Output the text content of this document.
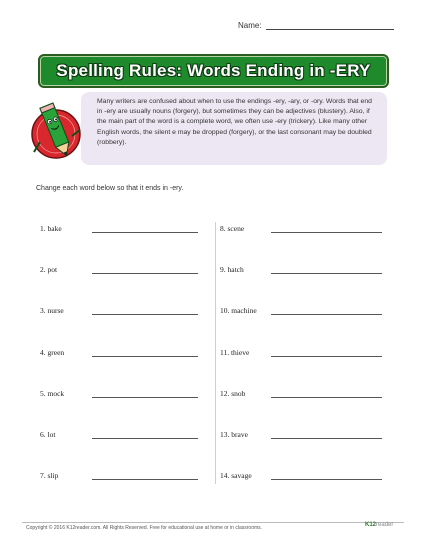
Name:
Spelling Rules: Words Ending in -ERY
Many writers are confused about when to use the endings -ery, -ary, or -ory. Words that end in -ery are usually nouns (forgery), but sometimes they can be adjectives (blustery). Also, if the main part of the word is a complete word, we often use -ery (trickery). Like many other English words, the silent e may be dropped (forgery), or the last consonant may be doubled (robbery).
Change each word below so that it ends in -ery.
1. bake
2. pot
3. nurse
4. green
5. mock
6. lot
7. slip
8. scene
9. hatch
10. machine
11. thieve
12. snob
13. brave
14. savage
Copyright © 2016 K12reader.com. All Rights Reserved. Free for educational use at home or in classrooms.	K12reader
